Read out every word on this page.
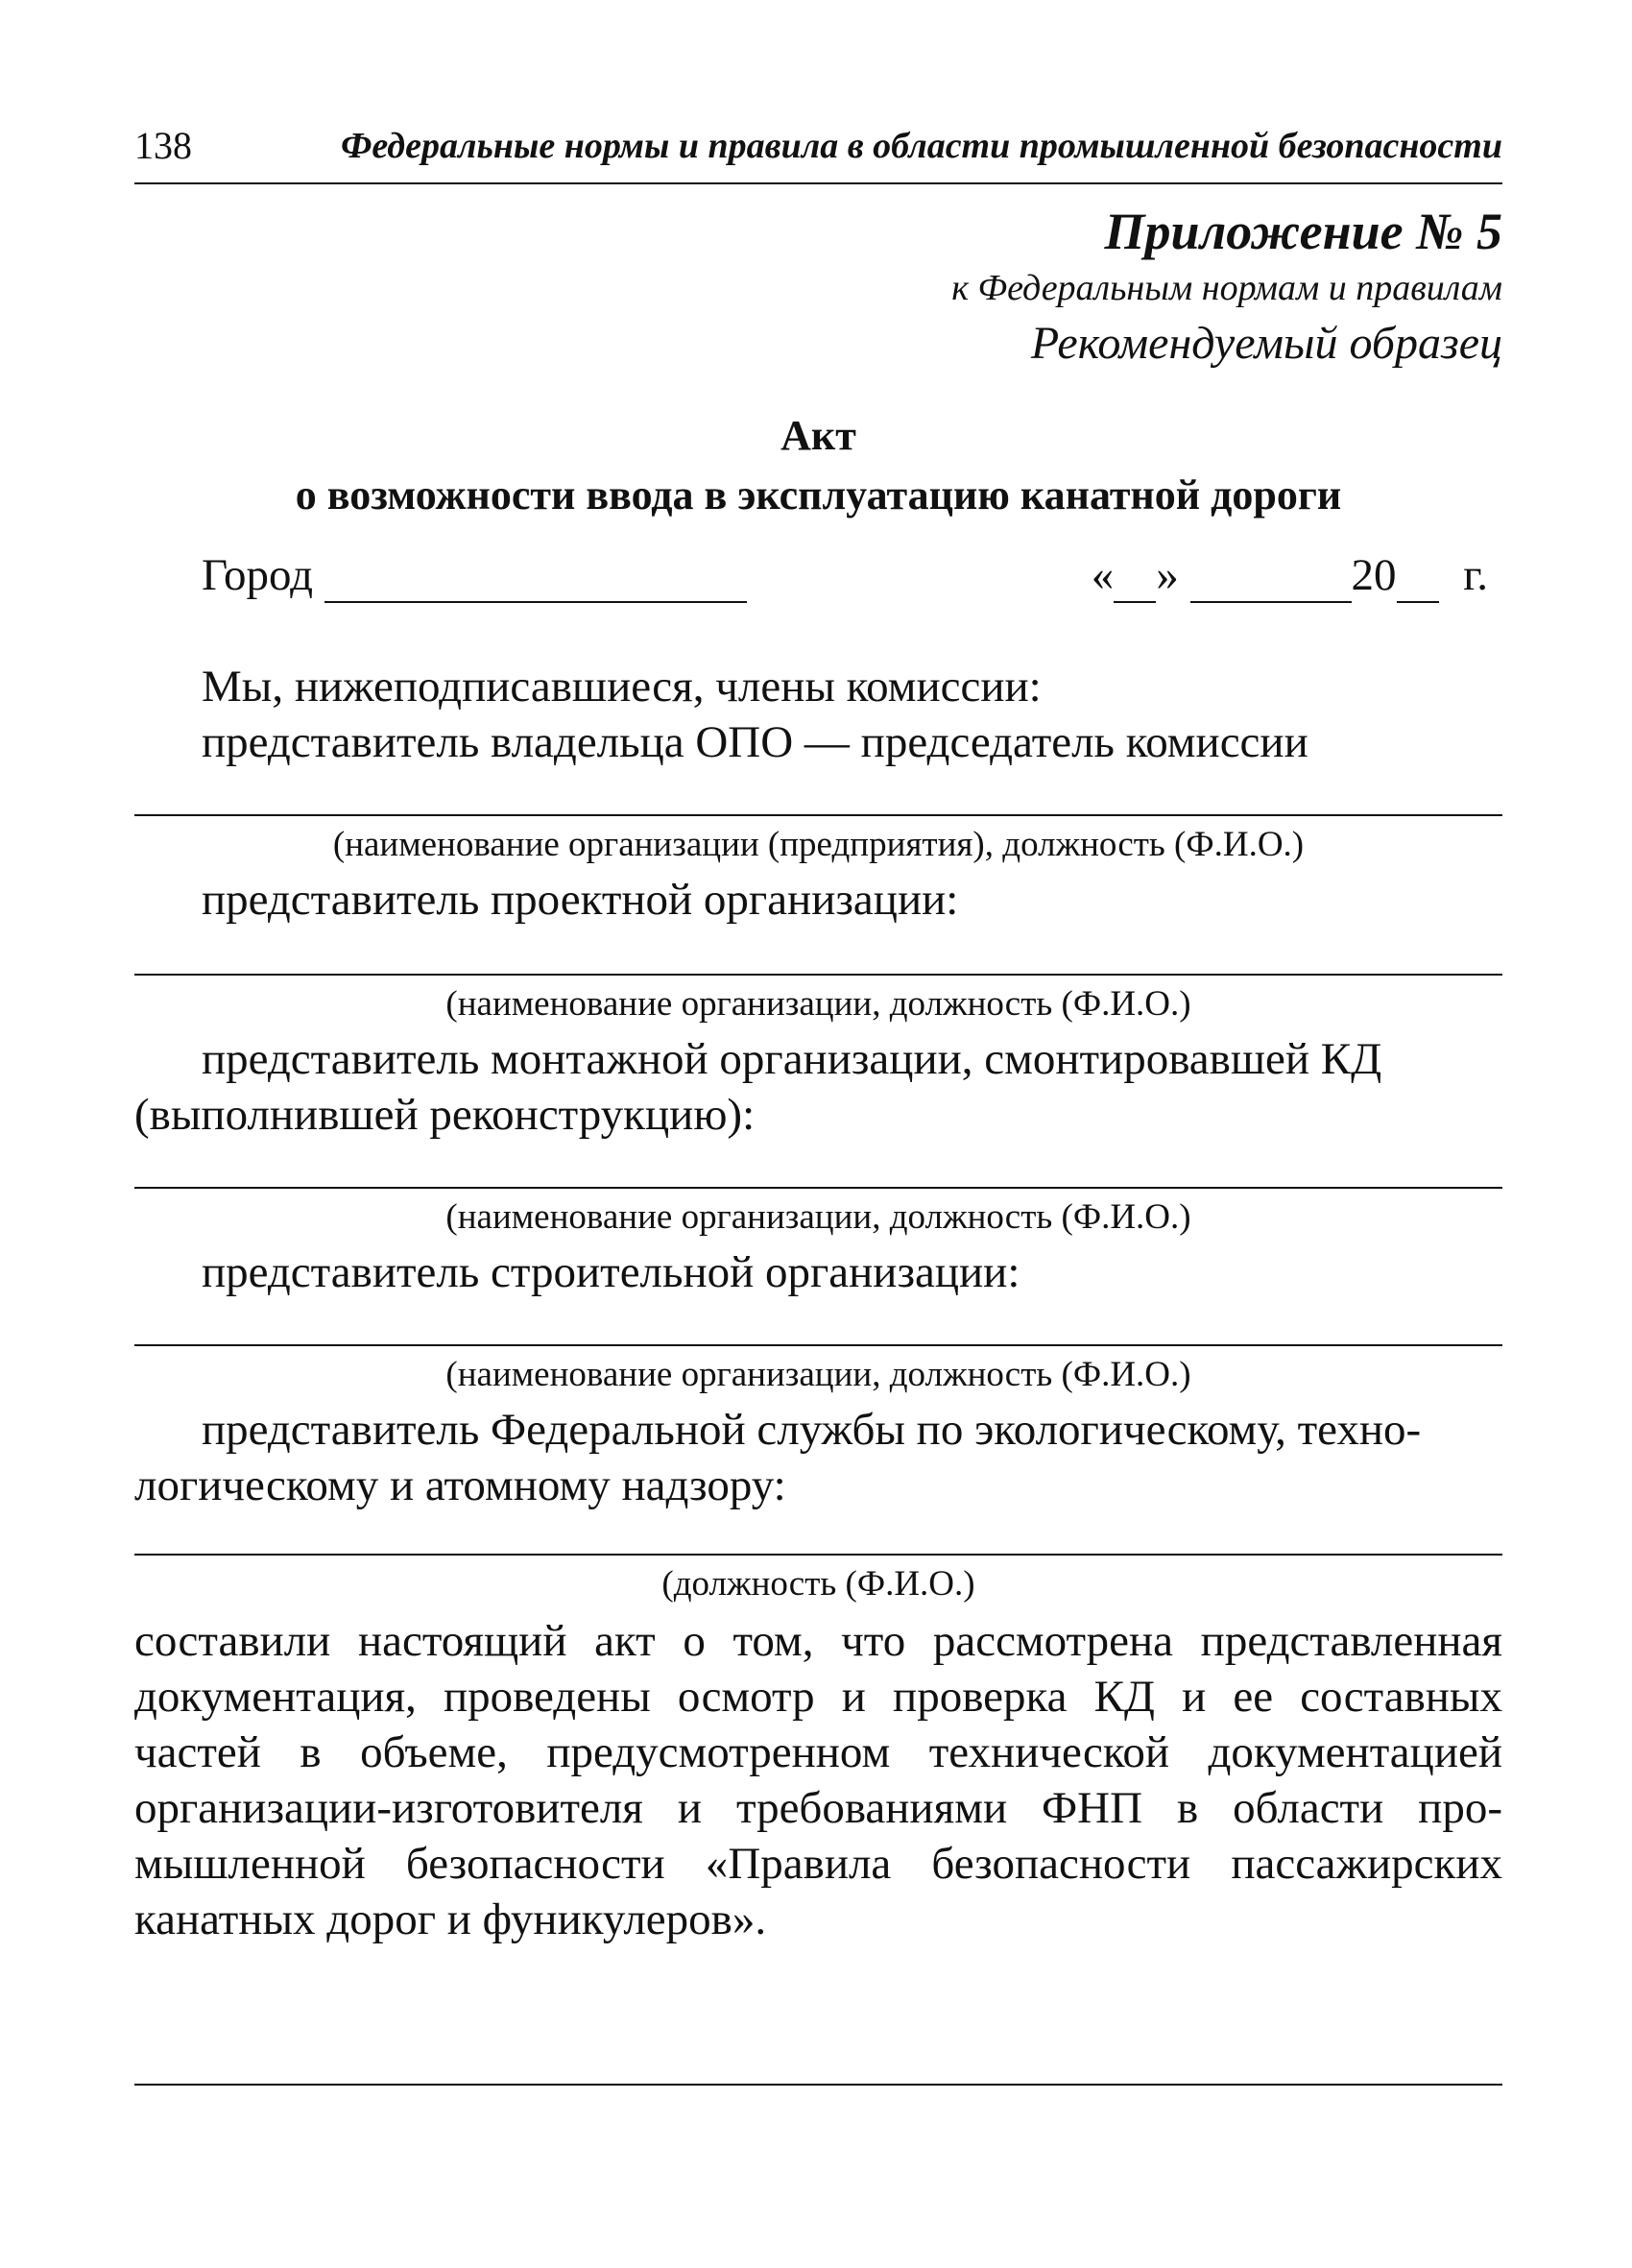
138	Федеральные нормы и правила в области промышленной безопасности

Приложение № 5

к Федеральным нормам и правилам

Рекомендуемый образец

Акт

о возможности ввода в эксплуатацию канатной дороги

Город	« »	20 г.

Мы, нижеподписавшиеся, члены комиссии:

представитель владельца ОПО — председатель комиссии

(наименование организации (предприятия), должность (Ф.И.О.)

представитель проектной организации:

(наименование организации, должность (Ф.И.О.)

представитель монтажной организации, смонтировавшей КД

(выполнившей реконструкцию):

(наименование организации, должность (Ф.И.О.)

представитель строительной организации:

(наименование организации, должность (Ф.И.О.)

представитель Федеральной службы по экологическому, техно-

логическому и атомному надзору:

(должность (Ф.И.О.)

составили настоящий акт о том, что рассмотрена представленная
документация, проведены осмотр и проверка КД и ее составных
частей в объеме, предусмотренном технической документацией
организации-изготовителя и требованиями ФНП в области про-
мышленной безопасности «Правила безопасности пассажирских
канатных дорог и фуникулеров».
